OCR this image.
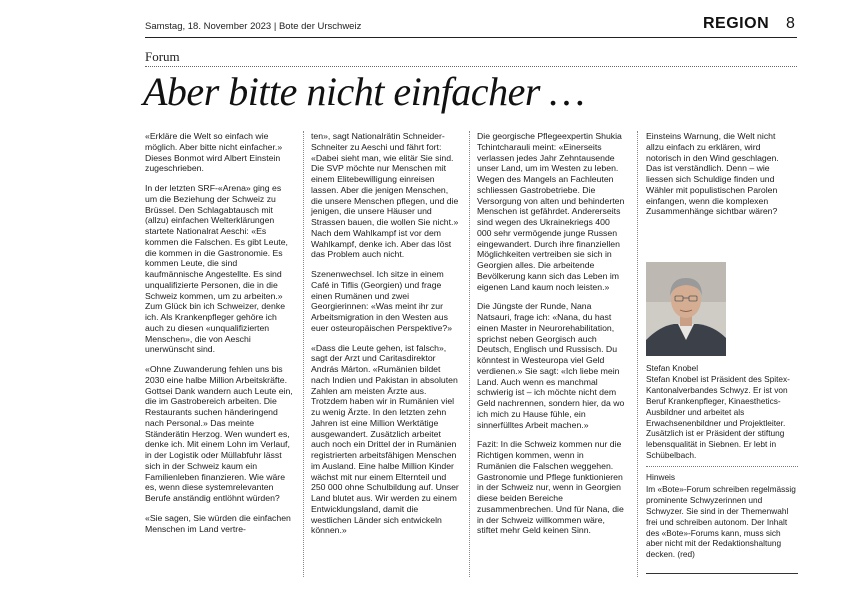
Samstag, 18. November 2023 | Bote der Urschweiz	REGION 8
Forum
Aber bitte nicht einfacher …

«Erkläre die Welt so einfach wie möglich. Aber bitte nicht einfacher.» Dieses Bonmot wird Albert Einstein zugeschrieben.

In der letzten SRF-«Arena» ging es um die Beziehung der Schweiz zu Brüssel. Den Schlagabtausch mit (allzu) einfachen Welterklärungen startete Nationalrat Aeschi: «Es kommen die Falschen. Es gibt Leute, die kommen in die Gastronomie. Es kommen Leute, die sind kaufmännische Angestellte. Es sind unqualifizierte Personen, die in die Schweiz kommen, um zu arbeiten.» Zum Glück bin ich Schweizer, denke ich. Als Krankenpfleger gehöre ich auch zu diesen «unqualifizierten Menschen», die von Aeschi unerwünscht sind.

«Ohne Zuwanderung fehlen uns bis 2030 eine halbe Million Arbeitskräfte. Gottsei Dank wandern auch Leute ein, die im Gastrobereich arbeiten. Die Restaurants suchen händeringend nach Personal.» Das meinte Ständerätin Herzog. Wen wundert es, denke ich. Mit einem Lohn im Verlauf, in der Logistik oder Müllabfuhr lässt sich in der Schweiz kaum ein Familienleben finanzieren. Wie wäre es, wenn diese systemrelevanten Berufe anständig entlöhnt würden?

«Sie sagen, Sie würden die einfachen Menschen im Land vertre-

ten», sagt Nationalrätin Schneider-Schneiter zu Aeschi und fährt fort: «Dabei sieht man, wie elitär Sie sind. Die SVP möchte nur Menschen mit einem Elitebewilligung einreisen lassen. Aber die jenigen Menschen, die unsere Menschen pflegen, und die jenigen, die unsere Häuser und Strassen bauen, die wollen Sie nicht.» Nach dem Wahlkampf ist vor dem Wahlkampf, denke ich. Aber das löst das Problem auch nicht.

Szenenwechsel. Ich sitze in einem Café in Tiflis (Georgien) und frage einen Rumänen und zwei Georgierinnen: «Was meint ihr zur Arbeitsmigration in den Westen aus euer osteuropäischen Perspektive?»

«Dass die Leute gehen, ist falsch», sagt der Arzt und Caritasdirektor András Márton. «Rumänien bildet nach Indien und Pakistan in absoluten Zahlen am meisten Ärzte aus. Trotzdem haben wir in Rumänien viel zu wenig Ärzte. In den letzten zehn Jahren ist eine Million Werktätige ausgewandert. Zusätzlich arbeitet auch noch ein Drittel der in Rumänien registrierten arbeitsfähigen Menschen im Ausland. Eine halbe Million Kinder wächst mit nur einem Elternteil und 250 000 ohne Schulbildung auf. Unser Land blutet aus. Wir werden zu einem Entwicklungsland, damit die westlichen Länder sich entwickeln können.»

Die georgische Pflegeexpertin Shukia Tchintcharauli meint: «Einerseits verlassen jedes Jahr Zehntausende unser Land, um im Westen zu leben. Wegen des Mangels an Fachleuten schliessen Gastrobetriebe. Die Versorgung von alten und behinderten Menschen ist gefährdet. Andererseits sind wegen des Ukrainekriegs 400 000 sehr vermögende junge Russen eingewandert. Durch ihre finanziellen Möglichkeiten vertreiben sie sich in Georgien alles. Die arbeitende Bevölkerung kann sich das Leben im eigenen Land kaum noch leisten.»

Die Jüngste der Runde, Nana Natsauri, frage ich: «Nana, du hast einen Master in Neurorehabilitation, sprichst neben Georgisch auch Deutsch, Englisch und Russisch. Du könntest in Westeuropa viel Geld verdienen.» Sie sagt: «Ich liebe mein Land. Auch wenn es manchmal schwierig ist – ich möchte nicht dem Geld nachrennen, sondern hier, da wo ich mich zu Hause fühle, ein sinnerfülltes Arbeit machen.»

Fazit: In die Schweiz kommen nur die Richtigen kommen, wenn in Rumänien die Falschen weggehen. Gastronomie und Pflege funktionieren in der Schweiz nur, wenn in Georgien diese beiden Bereiche zusammenbrechen. Und für Nana, die in der Schweiz willkommen wäre, stiftet mehr Geld keinen Sinn.

Einsteins Warnung, die Welt nicht allzu einfach zu erklären, wird notorisch in den Wind geschlagen. Das ist verständlich. Denn – wie liessen sich Schuldige finden und Wähler mit populistischen Parolen einfangen, wenn die komplexen Zusammenhänge sichtbar wären?

Stefan Knobel

Stefan Knobel ist Präsident des Spitex-Kantonalverbandes Schwyz. Er ist von Beruf Krankenpfleger, Kinaesthetics-Ausbildner und arbeitet als Erwachsenenbildner und Projektleiter. Zusätzlich ist er Präsident der stiftung lebensqualität in Siebnen. Er lebt in Schübelbach.

Hinweis

Im «Bote»-Forum schreiben regelmässig prominente Schwyzerinnen und Schwyzer. Sie sind in der Themenwahl frei und schreiben autonom. Der Inhalt des «Bote»-Forums kann, muss sich aber nicht mit der Redaktionshaltung decken. (red)
